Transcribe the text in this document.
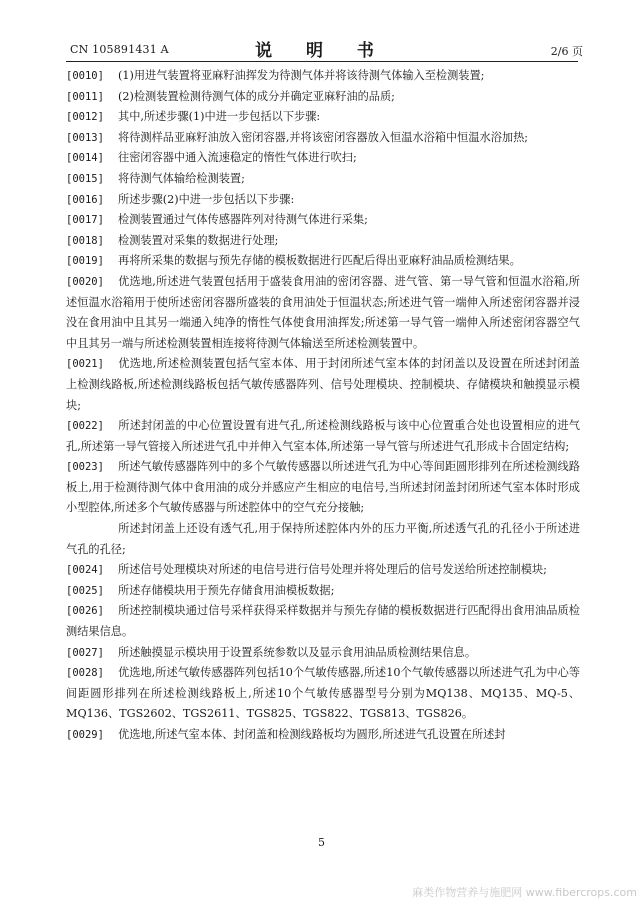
CN 105891431 A	说 明 书	2/6 页
[0010] (1)用进气装置将亚麻籽油挥发为待测气体并将该待测气体输入至检测装置;
[0011] (2)检测装置检测待测气体的成分并确定亚麻籽油的品质;
[0012] 其中,所述步骤(1)中进一步包括以下步骤:
[0013] 将待测样品亚麻籽油放入密闭容器,并将该密闭容器放入恒温水浴箱中恒温水浴加热;
[0014] 往密闭容器中通入流速稳定的惰性气体进行吹扫;
[0015] 将待测气体输给检测装置;
[0016] 所述步骤(2)中进一步包括以下步骤:
[0017] 检测装置通过气体传感器阵列对待测气体进行采集;
[0018] 检测装置对采集的数据进行处理;
[0019] 再将所采集的数据与预先存储的模板数据进行匹配后得出亚麻籽油品质检测结果。
[0020] 优选地,所述进气装置包括用于盛装食用油的密闭容器、进气管、第一导气管和恒温水浴箱,所述恒温水浴箱用于使所述密闭容器所盛装的食用油处于恒温状态;所述进气管一端伸入所述密闭容器并浸没在食用油中且其另一端通入纯净的惰性气体使食用油挥发;所述第一导气管一端伸入所述密闭容器空气中且其另一端与所述检测装置相连接将待测气体输送至所述检测装置中。
[0021] 优选地,所述检测装置包括气室本体、用于封闭所述气室本体的封闭盖以及设置在所述封闭盖上检测线路板,所述检测线路板包括气敏传感器阵列、信号处理模块、控制模块、存储模块和触摸显示模块;
[0022] 所述封闭盖的中心位置设置有进气孔,所述检测线路板与该中心位置重合处也设置相应的进气孔,所述第一导气管接入所述进气孔中并伸入气室本体,所述第一导气管与所述进气孔形成卡合固定结构;
[0023] 所述气敏传感器阵列中的多个气敏传感器以所述进气孔为中心等间距圆形排列在所述检测线路板上,用于检测待测气体中食用油的成分并感应产生相应的电信号,当所述封闭盖封闭所述气室本体时形成小型腔体,所述多个气敏传感器与所述腔体中的空气充分接触;
所述封闭盖上还设有透气孔,用于保持所述腔体内外的压力平衡,所述透气孔的孔径小于所述进气孔的孔径;
[0024] 所述信号处理模块对所述的电信号进行信号处理并将处理后的信号发送给所述控制模块;
[0025] 所述存储模块用于预先存储食用油模板数据;
[0026] 所述控制模块通过信号采样获得采样数据并与预先存储的模板数据进行匹配得出食用油品质检测结果信息。
[0027] 所述触摸显示模块用于设置系统参数以及显示食用油品质检测结果信息。
[0028] 优选地,所述气敏传感器阵列包括10个气敏传感器,所述10个气敏传感器以所述进气孔为中心等间距圆形排列在所述检测线路板上,所述10个气敏传感器型号分别为MQ138、MQ135、MQ-5、MQ136、TGS2602、TGS2611、TGS825、TGS822、TGS813、TGS826。
[0029] 优选地,所述气室本体、封闭盖和检测线路板均为圆形,所述进气孔设置在所述封
5
麻类作物营养与施肥网 www.fibercrops.com
